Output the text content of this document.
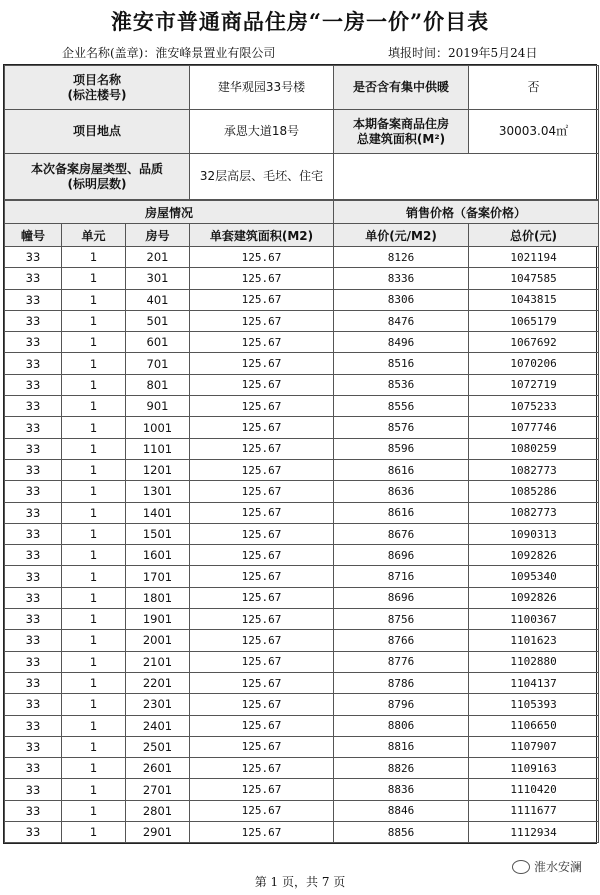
淮安市普通商品住房“一房一价”价目表
企业名称(盖章)：淮安峰景置业有限公司	填报时间：2019年5月24日
项目名称
(标注楼号)	建华观园33号楼	是否含有集中供暖	否
项目地点	承恩大道18号	本期备案商品住房
总建筑面积(M²)	30003.04㎡
本次备案房屋类型、品质
(标明层数)	32层高层、毛坯、住宅		
房屋情况				销售价格（备案价格）	
幢号	单元	房号	单套建筑面积(M2)	单价(元/M2)	总价(元)
33	1	201	125.67	8126	1021194
33	1	301	125.67	8336	1047585
33	1	401	125.67	8306	1043815
33	1	501	125.67	8476	1065179
33	1	601	125.67	8496	1067692
33	1	701	125.67	8516	1070206
33	1	801	125.67	8536	1072719
33	1	901	125.67	8556	1075233
33	1	1001	125.67	8576	1077746
33	1	1101	125.67	8596	1080259
33	1	1201	125.67	8616	1082773
33	1	1301	125.67	8636	1085286
33	1	1401	125.67	8616	1082773
33	1	1501	125.67	8676	1090313
33	1	1601	125.67	8696	1092826
33	1	1701	125.67	8716	1095340
33	1	1801	125.67	8696	1092826
33	1	1901	125.67	8756	1100367
33	1	2001	125.67	8766	1101623
33	1	2101	125.67	8776	1102880
33	1	2201	125.67	8786	1104137
33	1	2301	125.67	8796	1105393
33	1	2401	125.67	8806	1106650
33	1	2501	125.67	8816	1107907
33	1	2601	125.67	8826	1109163
33	1	2701	125.67	8836	1110420
33	1	2801	125.67	8846	1111677
33	1	2901	125.67	8856	1112934
第 1 页，共 7 页
淮水安澜
